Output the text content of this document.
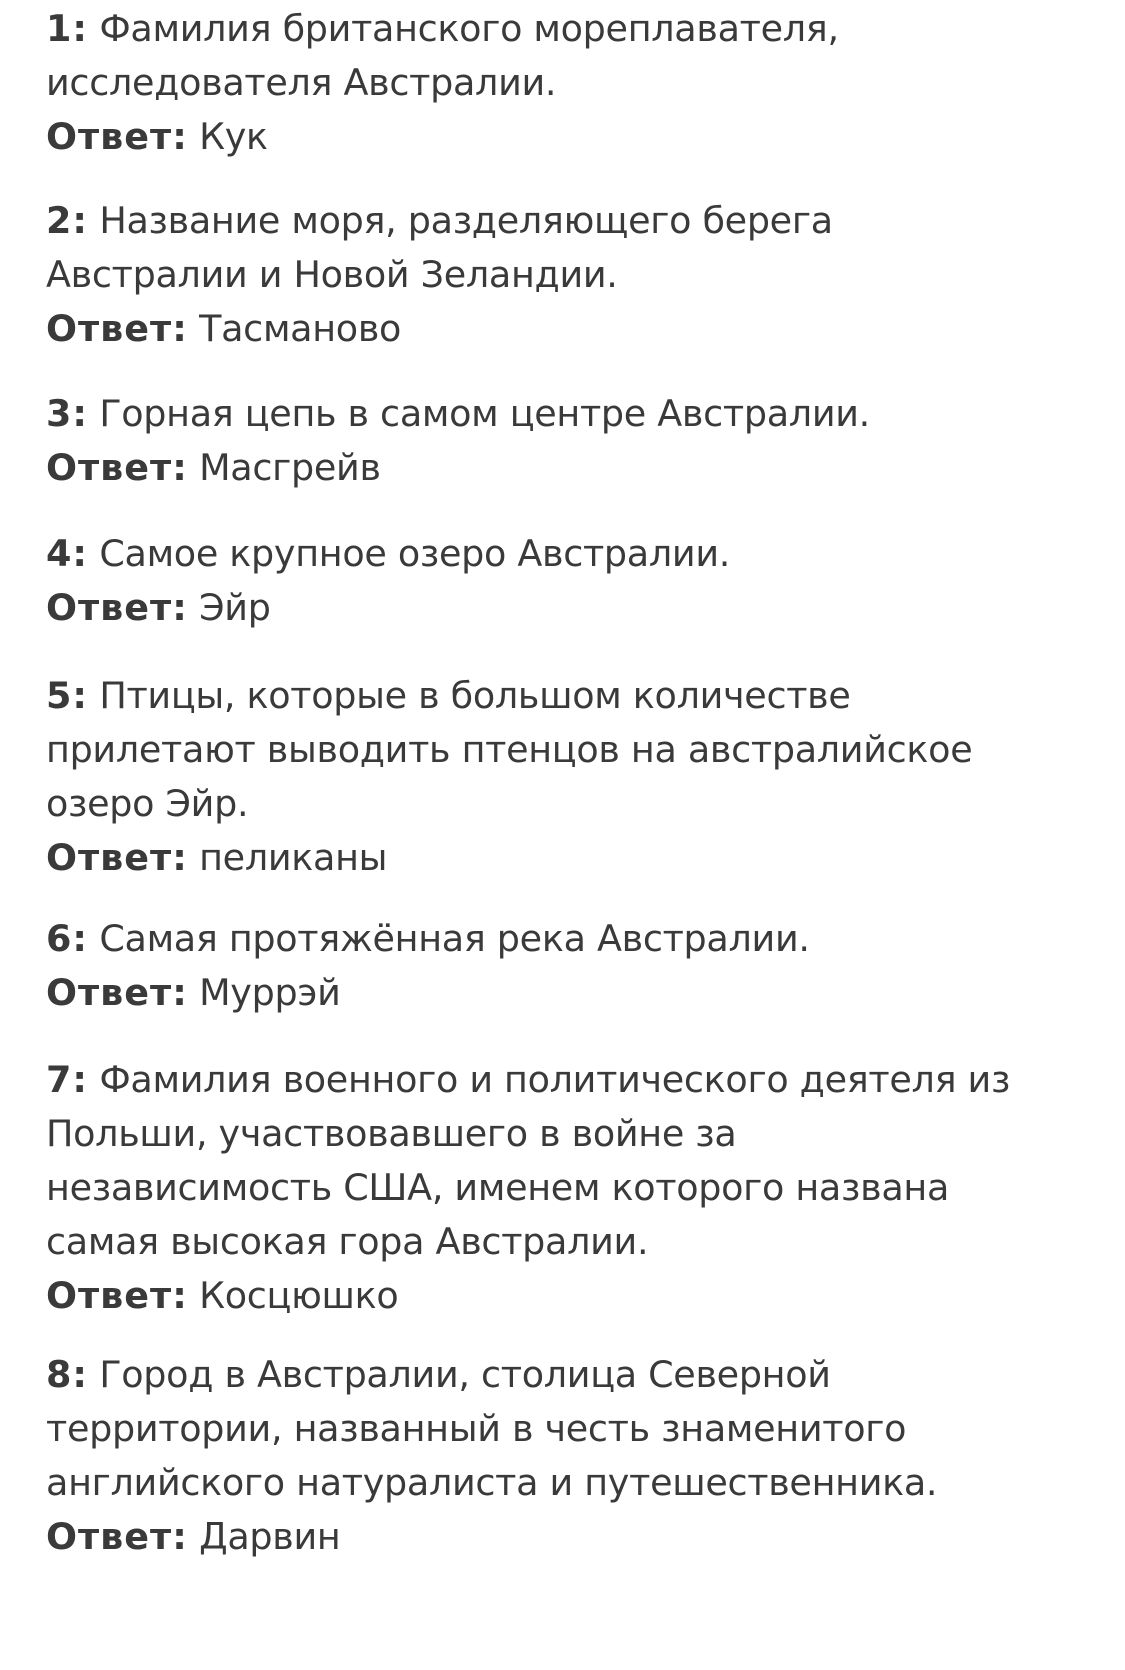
1: Фамилия британского мореплавателя,
исследователя Австралии.
Ответ: Кук
2: Название моря, разделяющего берега
Австралии и Новой Зеландии.
Ответ: Тасманово
3: Горная цепь в самом центре Австралии.
Ответ: Масгрейв
4: Самое крупное озеро Австралии.
Ответ: Эйр
5: Птицы, которые в большом количестве
прилетают выводить птенцов на австралийское
озеро Эйр.
Ответ: пеликаны
6: Самая протяжённая река Австралии.
Ответ: Муррэй
7: Фамилия военного и политического деятеля из
Польши, участвовавшего в войне за
независимость США, именем которого названа
самая высокая гора Австралии.
Ответ: Косцюшко
8: Город в Австралии, столица Северной
территории, названный в честь знаменитого
английского натуралиста и путешественника.
Ответ: Дарвин
